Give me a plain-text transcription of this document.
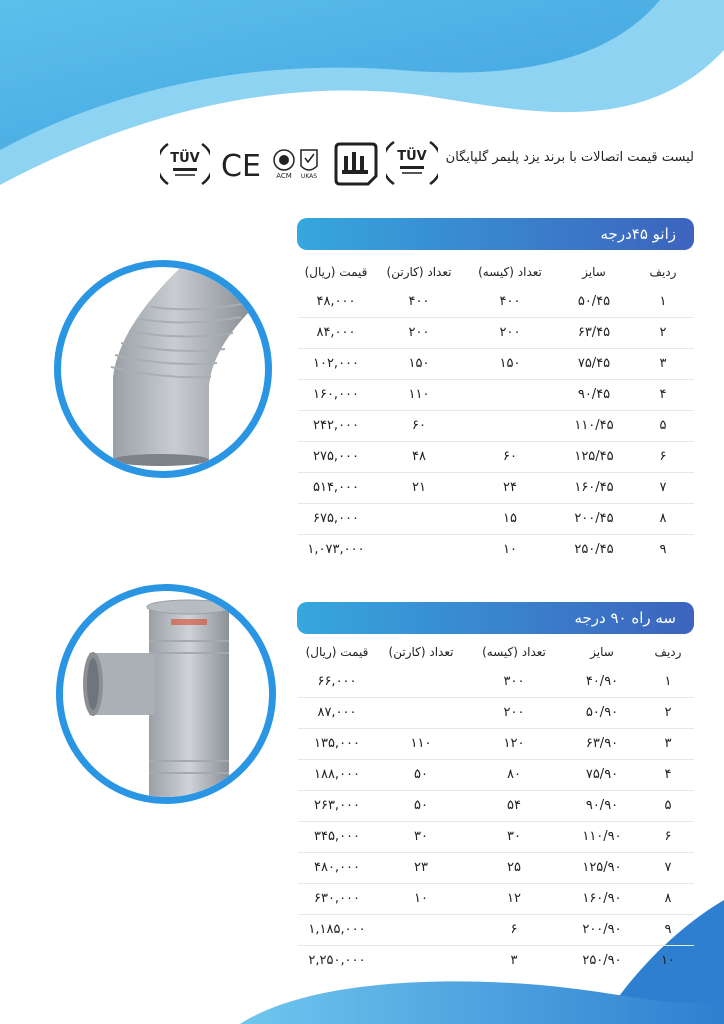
لیست قیمت اتصالات با برند یزد پلیمر گلپایگان
TÜV CE ACM UKAS
TÜV
زانو ۴۵درجه
ردیف	سایز	تعداد (کیسه)	تعداد (کارتن)	قیمت (ریال)
۱	۵۰/۴۵	۴۰۰	۴۰۰	۴۸,۰۰۰
۲	۶۳/۴۵	۲۰۰	۲۰۰	۸۴,۰۰۰
۳	۷۵/۴۵	۱۵۰	۱۵۰	۱۰۲,۰۰۰
۴	۹۰/۴۵		۱۱۰	۱۶۰,۰۰۰
۵	۱۱۰/۴۵		۶۰	۲۴۲,۰۰۰
۶	۱۲۵/۴۵	۶۰	۴۸	۲۷۵,۰۰۰
۷	۱۶۰/۴۵	۲۴	۲۱	۵۱۴,۰۰۰
۸	۲۰۰/۴۵	۱۵		۶۷۵,۰۰۰
۹	۲۵۰/۴۵	۱۰		۱,۰۷۳,۰۰۰
سه راه ۹۰ درجه
ردیف	سایز	تعداد (کیسه)	تعداد (کارتن)	قیمت (ریال)
۱	۴۰/۹۰	۳۰۰		۶۶,۰۰۰
۲	۵۰/۹۰	۲۰۰		۸۷,۰۰۰
۳	۶۳/۹۰	۱۲۰	۱۱۰	۱۳۵,۰۰۰
۴	۷۵/۹۰	۸۰	۵۰	۱۸۸,۰۰۰
۵	۹۰/۹۰	۵۴	۵۰	۲۶۳,۰۰۰
۶	۱۱۰/۹۰	۳۰	۳۰	۳۴۵,۰۰۰
۷	۱۲۵/۹۰	۲۵	۲۳	۴۸۰,۰۰۰
۸	۱۶۰/۹۰	۱۲	۱۰	۶۳۰,۰۰۰
۹	۲۰۰/۹۰	۶		۱,۱۸۵,۰۰۰
۱۰	۲۵۰/۹۰	۳		۲,۲۵۰,۰۰۰
